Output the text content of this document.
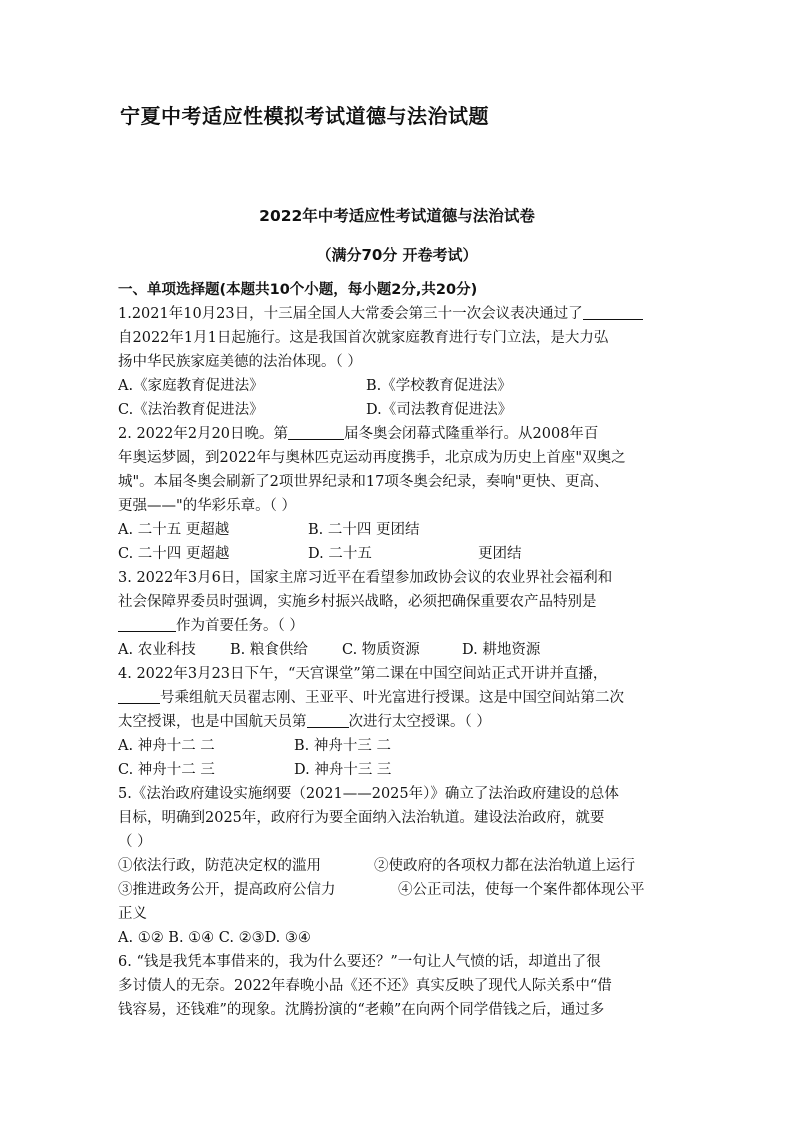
宁夏中考适应性模拟考试道德与法治试题
2022年中考适应性考试道德与法治试卷
（满分70分 开卷考试）
一、单项选择题(本题共10个小题，每小题2分,共20分)
1.2021年10月23日，十三届全国人大常委会第三十一次会议表决通过了
自2022年1月1日起施行。这是我国首次就家庭教育进行专门立法，是大力弘
扬中华民族家庭美德的法治体现。（ ）
A.《家庭教育促进法》	B.《学校教育促进法》
C.《法治教育促进法》	D.《司法教育促进法》
2. 2022年2月20日晚。第	届冬奥会闭幕式隆重举行。从2008年百
年奥运梦圆，到2022年与奥林匹克运动再度携手，北京成为历史上首座"双奥之
城"。本届冬奥会刷新了2项世界纪录和17项冬奥会纪录，奏响"更快、更高、
更强——"的华彩乐章。（ ）
A. 二十五 更超越	B. 二十四 更团结
C. 二十四 更超越	D. 二十五	更团结
3. 2022年3月6日，国家主席习近平在看望参加政协会议的农业界社会福利和
社会保障界委员时强调，实施乡村振兴战略，必须把确保重要农产品特别是
作为首要任务。（ ）
A. 农业科技 B. 粮食供给 C. 物质资源	D. 耕地资源
4. 2022年3月23日下午，“天宫课堂”第二课在中国空间站正式开讲并直播，
号乘组航天员翟志刚、王亚平、叶光富进行授课。这是中国空间站第二次
太空授课，也是中国航天员第	次进行太空授课。（ ）
A. 神舟十二 二	B. 神舟十三 二
C. 神舟十二 三	D. 神舟十三 三
5.《法治政府建设实施纲要（2021——2025年）》确立了法治政府建设的总体
目标，明确到2025年，政府行为要全面纳入法治轨道。建设法治政府，就要
（ ）
①依法行政，防范决定权的滥用	②使政府的各项权力都在法治轨道上运行
③推进政务公开，提高政府公信力	④公正司法，使每一个案件都体现公平
正义
A. ①② B. ①④ C. ②③D. ③④
6. “钱是我凭本事借来的，我为什么要还？”一句让人气愤的话，却道出了很
多讨债人的无奈。2022年春晚小品《还不还》真实反映了现代人际关系中“借
钱容易，还钱难”的现象。沈腾扮演的“老赖”在向两个同学借钱之后，通过多
